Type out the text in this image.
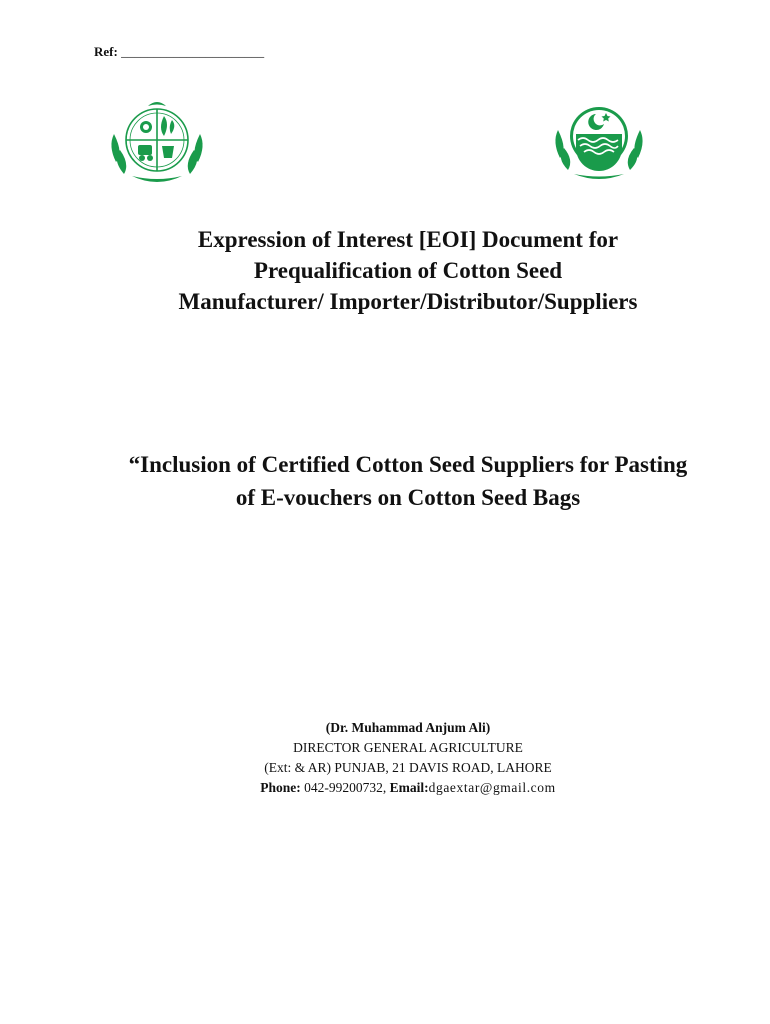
Ref: ______________________
Expression of Interest [EOI] Document for
Prequalification of Cotton Seed
Manufacturer/ Importer/Distributor/Suppliers
“Inclusion of Certified Cotton Seed Suppliers for Pasting
of E-vouchers on Cotton Seed Bags
(Dr. Muhammad Anjum Ali)
DIRECTOR GENERAL AGRICULTURE
(Ext: & AR) PUNJAB, 21 DAVIS ROAD, LAHORE
Phone: 042-99200732, Email:dgaextar@gmail.com
